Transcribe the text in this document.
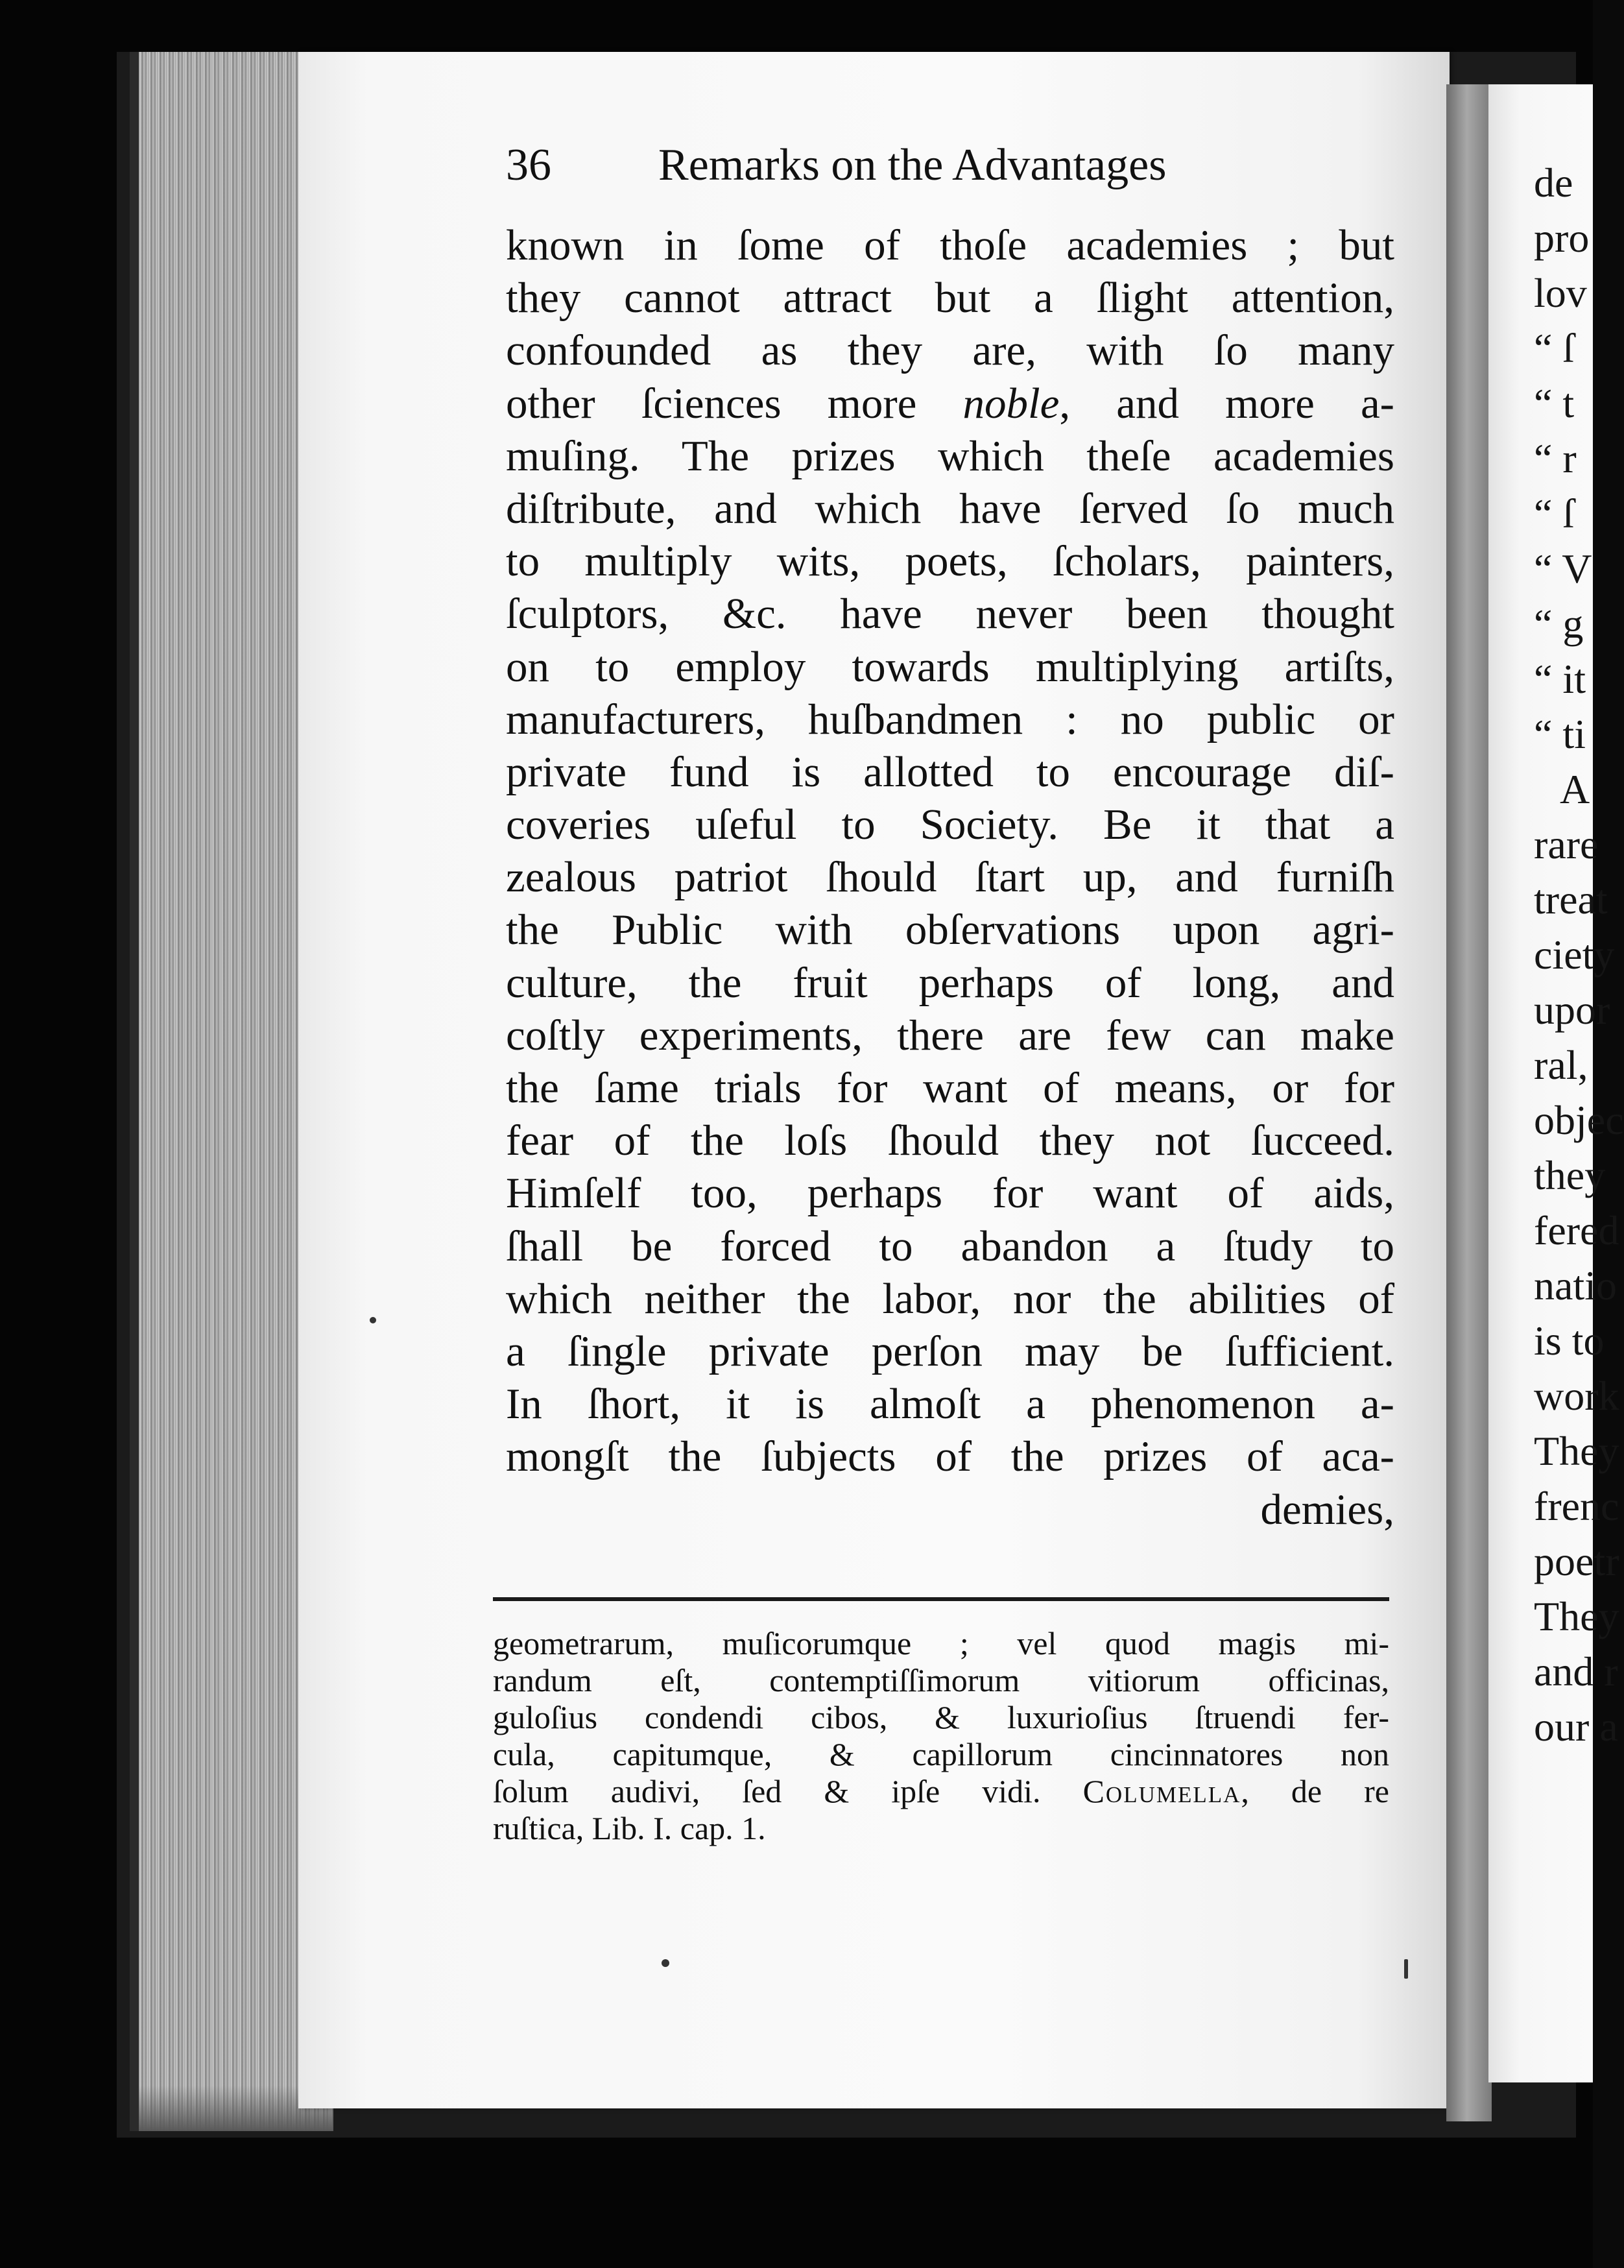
36 Remarks on the Advantages
known in ſome of thoſe academies ; but
they cannot attract but a ſlight attention,
confounded as they are, with ſo many
other ſciences more noble, and more a-
muſing. The prizes which theſe academies
diſtribute, and which have ſerved ſo much
to multiply wits, poets, ſcholars, painters,
ſculptors, &c. have never been thought
on to employ towards multiplying artiſts,
manufacturers, huſbandmen : no public or
private fund is allotted to encourage diſ-
coveries uſeful to Society. Be it that a
zealous patriot ſhould ſtart up, and furniſh
the Public with obſervations upon agri-
culture, the fruit perhaps of long, and
coſtly experiments, there are few can make
the ſame trials for want of means, or for
fear of the loſs ſhould they not ſucceed.
Himſelf too, perhaps for want of aids,
ſhall be forced to abandon a ſtudy to
which neither the labor, nor the abilities of
a ſingle private perſon may be ſufficient.
In ſhort, it is almoſt a phenomenon a-
mongſt the ſubjects of the prizes of aca-
demies,
geometrarum, muſicorumque ; vel quod magis mi-
randum eſt, contemptiſſimorum vitiorum officinas,
guloſius condendi cibos, & luxurioſius ſtruendi fer-
cula, capitumque, & capillorum cincinnatores non
ſolum audivi, ſed & ipſe vidi. Columella, de re
ruſtica, Lib. I. cap. 1.
de
pro
lov
“ ſ
“ t
“ r
“ ſ
“ V
“ g
“ it
“ ti
A
rare
treat
ciety
upor
ral,
objec
they
fered
natio
is to
work
They
frenc
poetr
They
and r
our a
